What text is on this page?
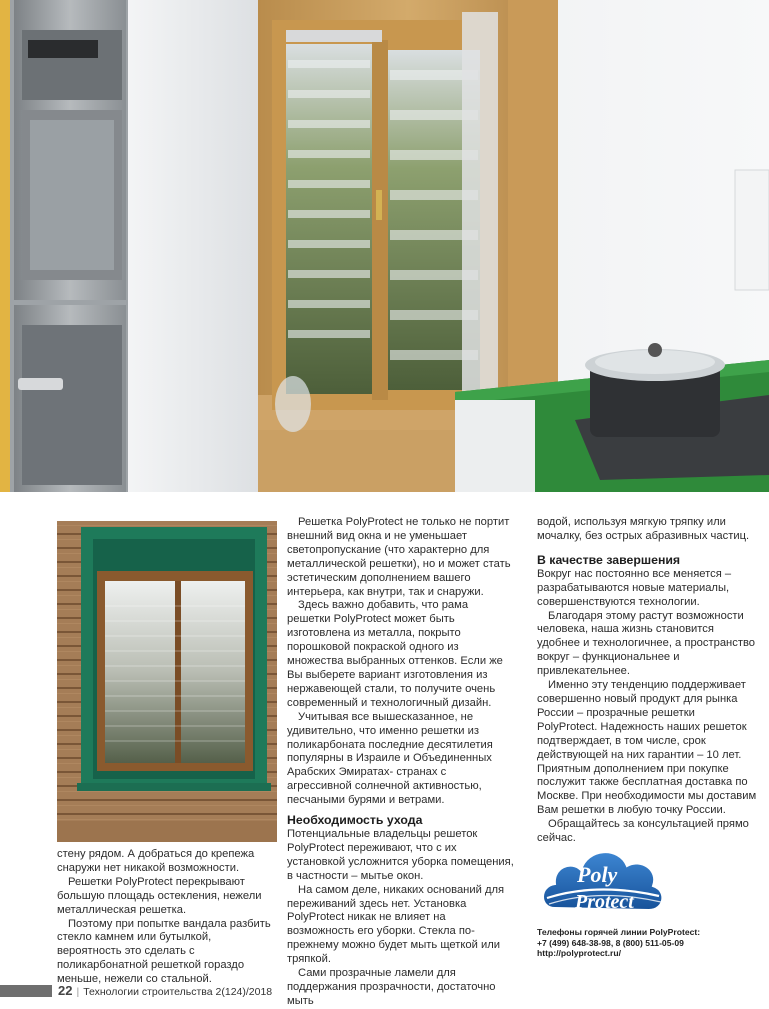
стену рядом. А добраться до крепежа снаружи нет никакой возможности.

Решетки PolyProtect перекрывают большую площадь остекления, нежели металлическая решетка.

Поэтому при попытке вандала разбить стекло камнем или бутылкой, вероятность это сделать с поликарбонатной решеткой гораздо меньше, нежели со стальной.

Решетка PolyProtect не только не портит внешний вид окна и не уменьшает светопропускание (что характерно для металлической решетки), но и может стать эстетическим дополнением вашего интерьера, как внутри, так и снаружи.

Здесь важно добавить, что рама решетки PolyProtect может быть изготовлена из металла, покрыто порошковой покраской одного из множества выбранных оттенков. Если же Вы выберете вариант изготовления из нержавеющей стали, то получите очень современный и технологичный дизайн.

Учитывая все вышесказанное, не удивительно, что именно решетки из поликарбоната последние десятилетия популярны в Израиле и Объединенных Арабских Эмиратах- странах с агрессивной солнечной активностью, песчаными бурями и ветрами.

Необходимость ухода

Потенциальные владельцы решеток PolyProtect переживают, что с их установкой усложнится уборка помещения, в частности – мытье окон.

На самом деле, никаких оснований для переживаний здесь нет. Установка PolyProtect никак не влияет на возможность его уборки. Стекла по-прежнему можно будет мыть щеткой или тряпкой.

Сами прозрачные ламели для поддержания прозрачности, достаточно мыть

водой, используя мягкую тряпку или мочалку, без острых абразивных частиц.

В качестве завершения

Вокруг нас постоянно все меняется – разрабатываются новые материалы, совершенствуются технологии.

Благодаря этому растут возможности человека, наша жизнь становится удобнее и технологичнее, а пространство вокруг – функциональнее и привлекательнее.

Именно эту тенденцию поддерживает совершенно новый продукт для рынка России – прозрачные решетки PolyProtect. Надежность наших решеток подтверждает, в том числе, срок действующей на них гарантии – 10 лет. Приятным дополнением при покупке послужит также бесплатная доставка по Москве. При необходимости мы доставим Вам решетки в любую точку России.

Обращайтесь за консультацией прямо сейчас.

Poly
Protect
Телефоны горячей линии PolyProtect:
+7 (499) 648-38-98, 8 (800) 511-05-09
http://polyprotect.ru/
22 | Технологии строительства 2(124)/2018
